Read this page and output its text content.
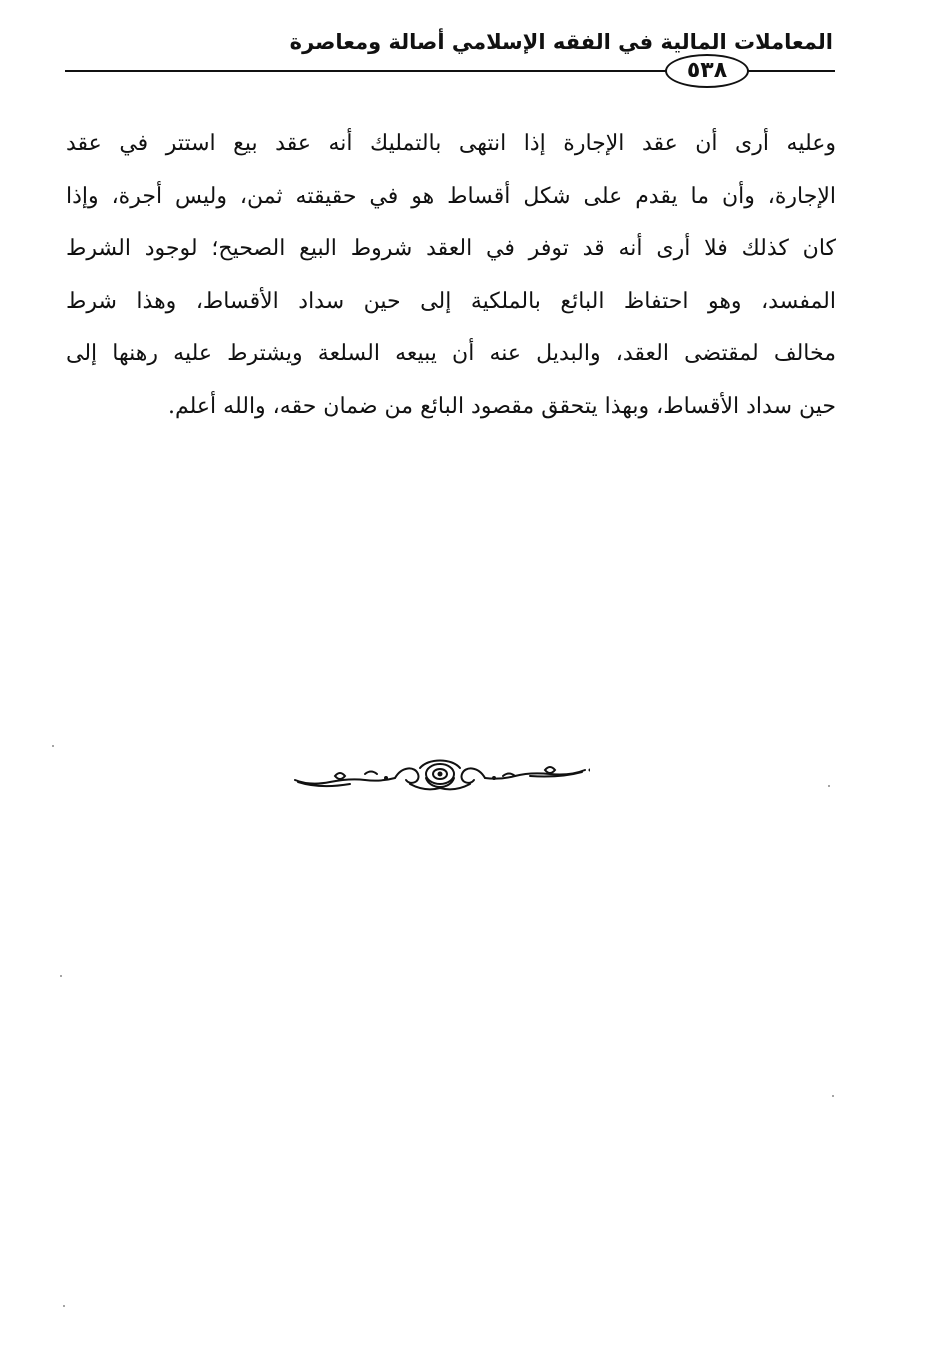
المعاملات المالية في الفقه الإسلامي أصالة ومعاصرة
٥٣٨
وعليه أرى أن عقد الإجارة إذا انتهى بالتمليك أنه عقد بيع استتر في عقد
الإجارة، وأن ما يقدم على شكل أقساط هو في حقيقته ثمن، وليس أجرة، وإذا
كان كذلك فلا أرى أنه قد توفر في العقد شروط البيع الصحيح؛ لوجود الشرط
المفسد، وهو احتفاظ البائع بالملكية إلى حين سداد الأقساط، وهذا شرط
مخالف لمقتضى العقد، والبديل عنه أن يبيعه السلعة ويشترط عليه رهنها إلى
حين سداد الأقساط، وبهذا يتحقق مقصود البائع من ضمان حقه، والله أعلم.
